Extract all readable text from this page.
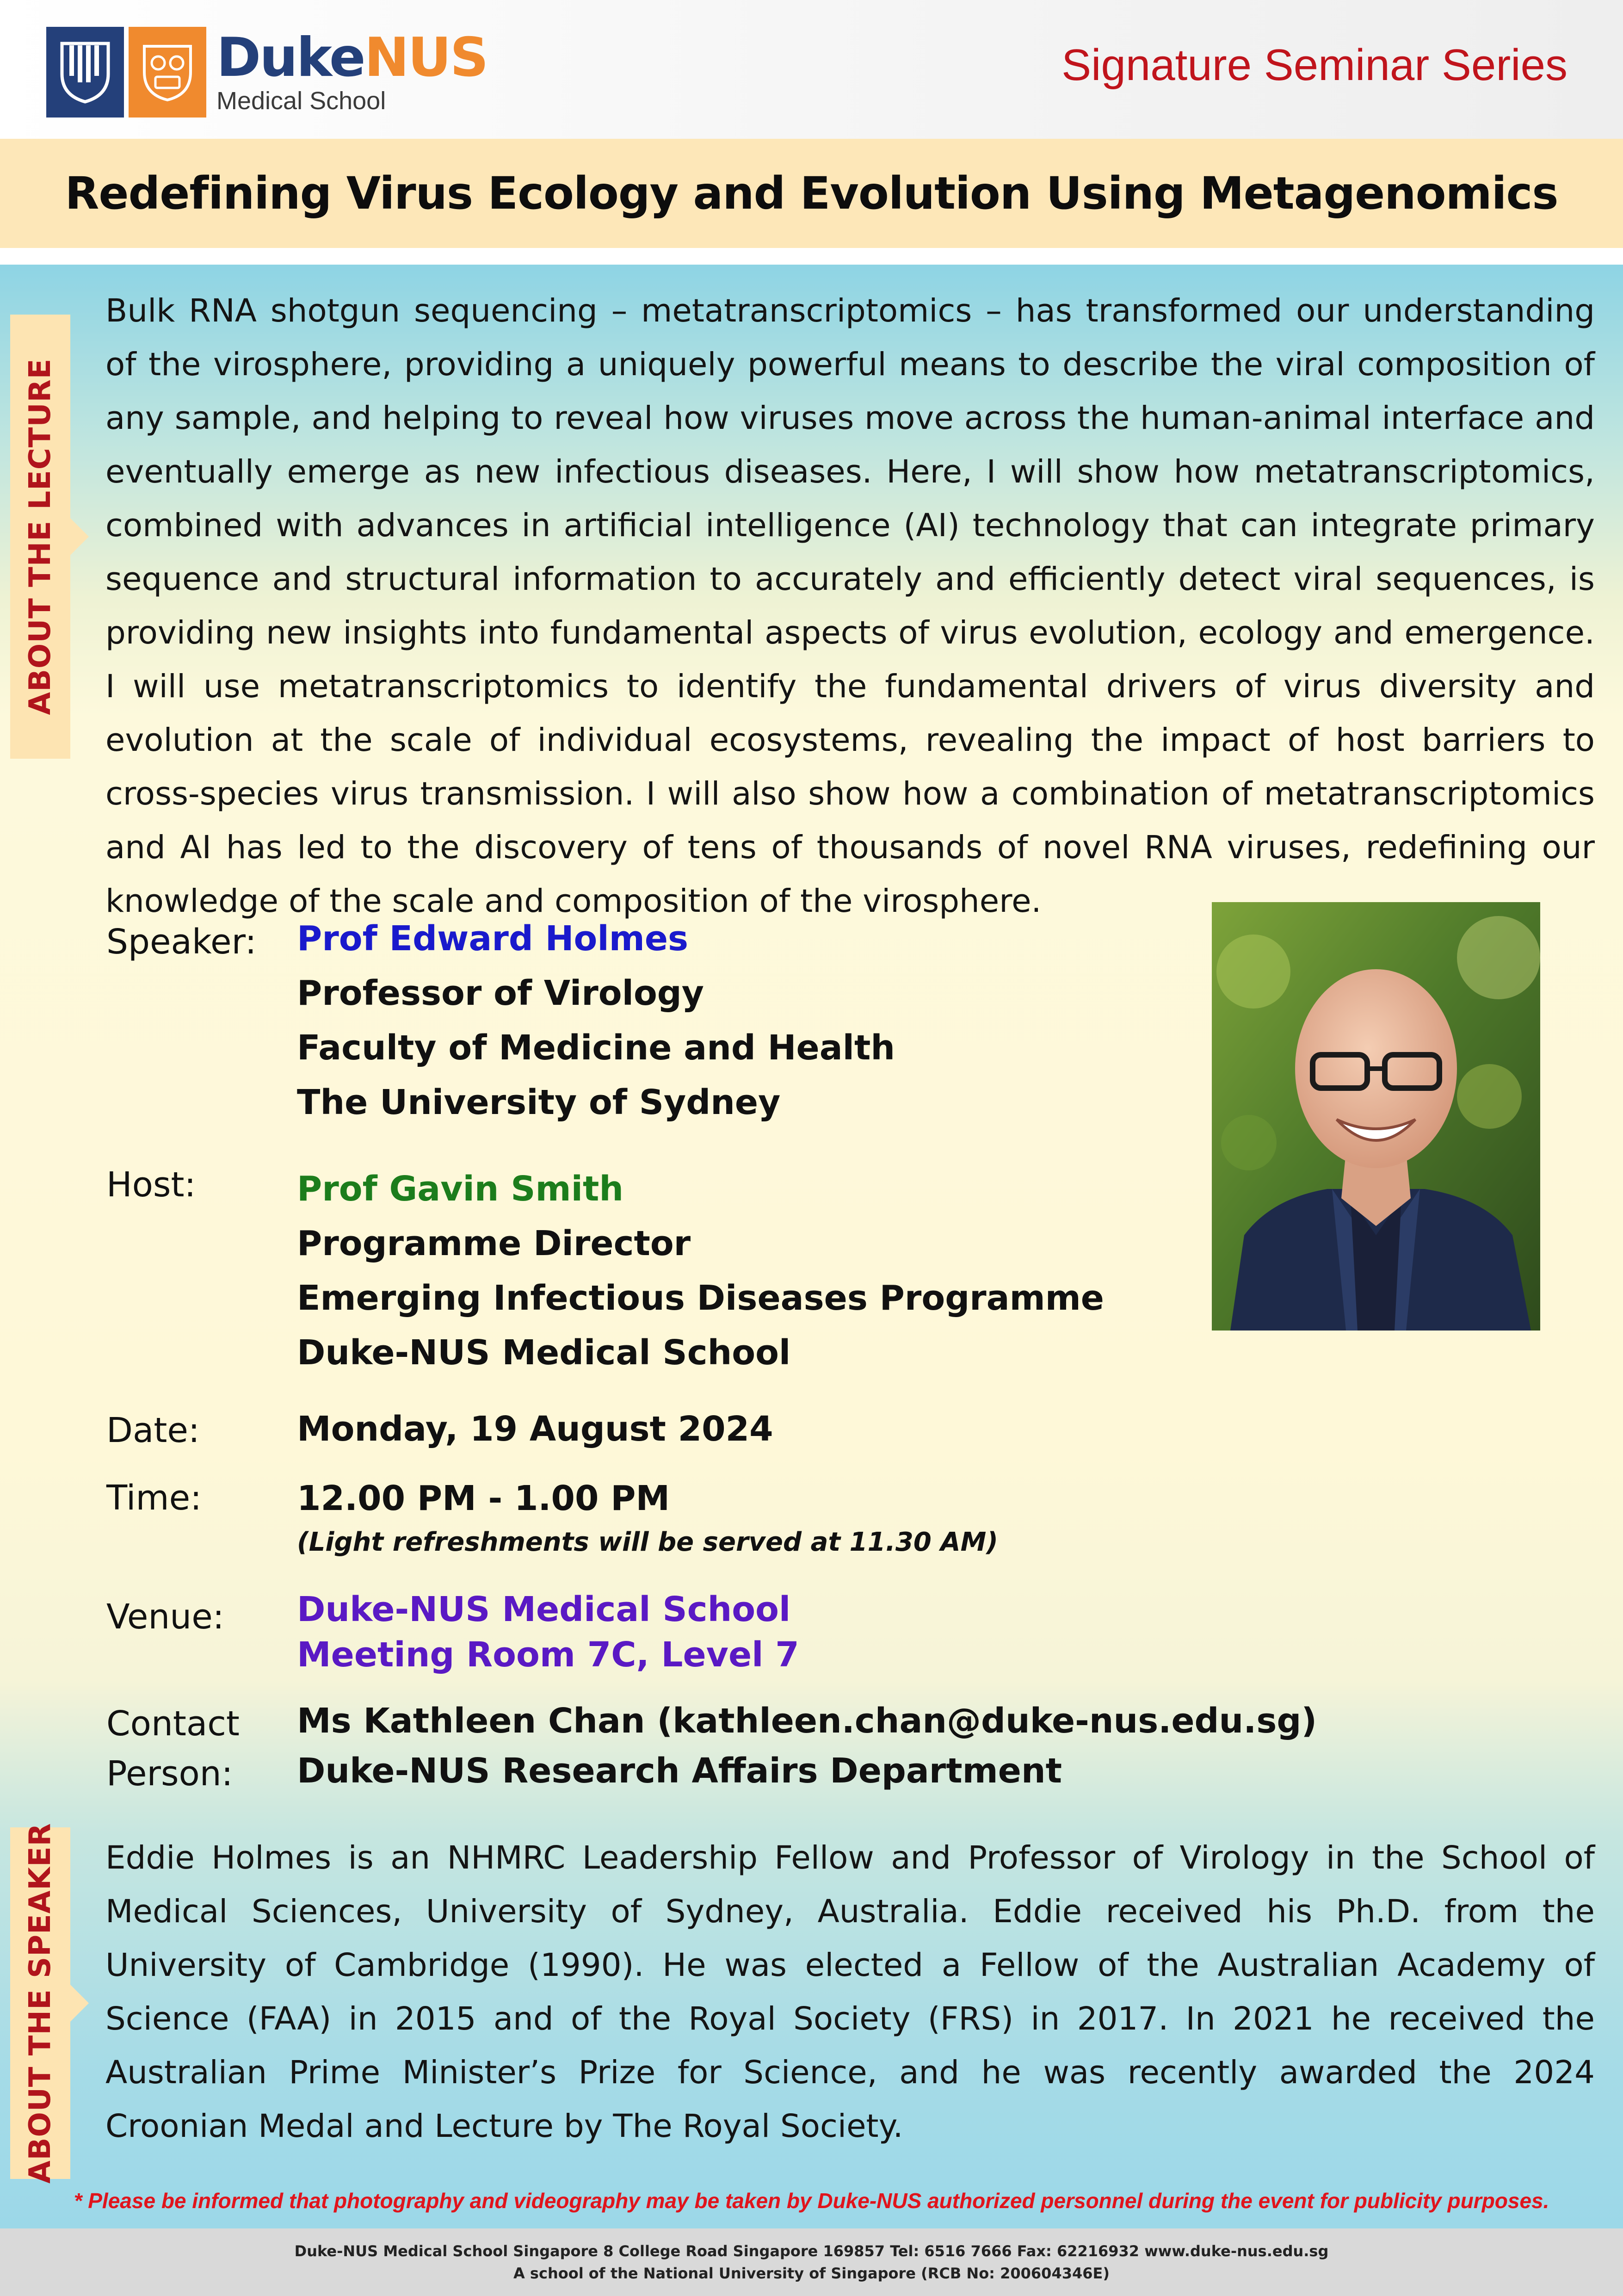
DukeNUS
Medical School
Signature Seminar Series
Redefining Virus Ecology and Evolution Using Metagenomics
ABOUT THE LECTURE
Bulk RNA shotgun sequencing – metatranscriptomics – has transformed our understanding of the virosphere, providing a uniquely powerful means to describe the viral composition of any sample, and helping to reveal how viruses move across the human-animal interface and eventually emerge as new infectious diseases. Here, I will show how metatranscriptomics, combined with advances in artificial intelligence (AI) technology that can integrate primary sequence and structural information to accurately and efficiently detect viral sequences, is providing new insights into fundamental aspects of virus evolution, ecology and emergence. I will use metatranscriptomics to identify the fundamental drivers of virus diversity and evolution at the scale of individual ecosystems, revealing the impact of host barriers to cross-species virus transmission. I will also show how a combination of metatranscriptomics and AI has led to the discovery of tens of thousands of novel RNA viruses, redefining our knowledge of the scale and composition of the virosphere.
Speaker: Prof Edward Holmes
Professor of Virology
Faculty of Medicine and Health
The University of Sydney
Host:	Prof Gavin Smith
Programme Director
Emerging Infectious Diseases Programme
Duke-NUS Medical School
Date:	Monday, 19 August 2024
Time:	12.00 PM - 1.00 PM
(Light refreshments will be served at 11.30 AM)
Venue: Duke-NUS Medical School
Meeting Room 7C, Level 7
Contact
Person:
Ms Kathleen Chan (kathleen.chan@duke-nus.edu.sg)
Duke-NUS Research Affairs Department
ABOUT THE SPEAKER Eddie Holmes is an NHMRC Leadership Fellow and Professor of Virology in the School of Medical Sciences, University of Sydney, Australia. Eddie received his Ph.D. from the University of Cambridge (1990). He was elected a Fellow of the Australian Academy of Science (FAA) in 2015 and of the Royal Society (FRS) in 2017. In 2021 he received the Australian Prime Minister’s Prize for Science, and he was recently awarded the 2024 Croonian Medal and Lecture by The Royal Society.
* Please be informed that photography and videography may be taken by Duke-NUS authorized personnel during the event for publicity purposes.
Duke-NUS Medical School Singapore 8 College Road Singapore 169857 Tel: 6516 7666 Fax: 62216932 www.duke-nus.edu.sg
A school of the National University of Singapore (RCB No: 200604346E)
